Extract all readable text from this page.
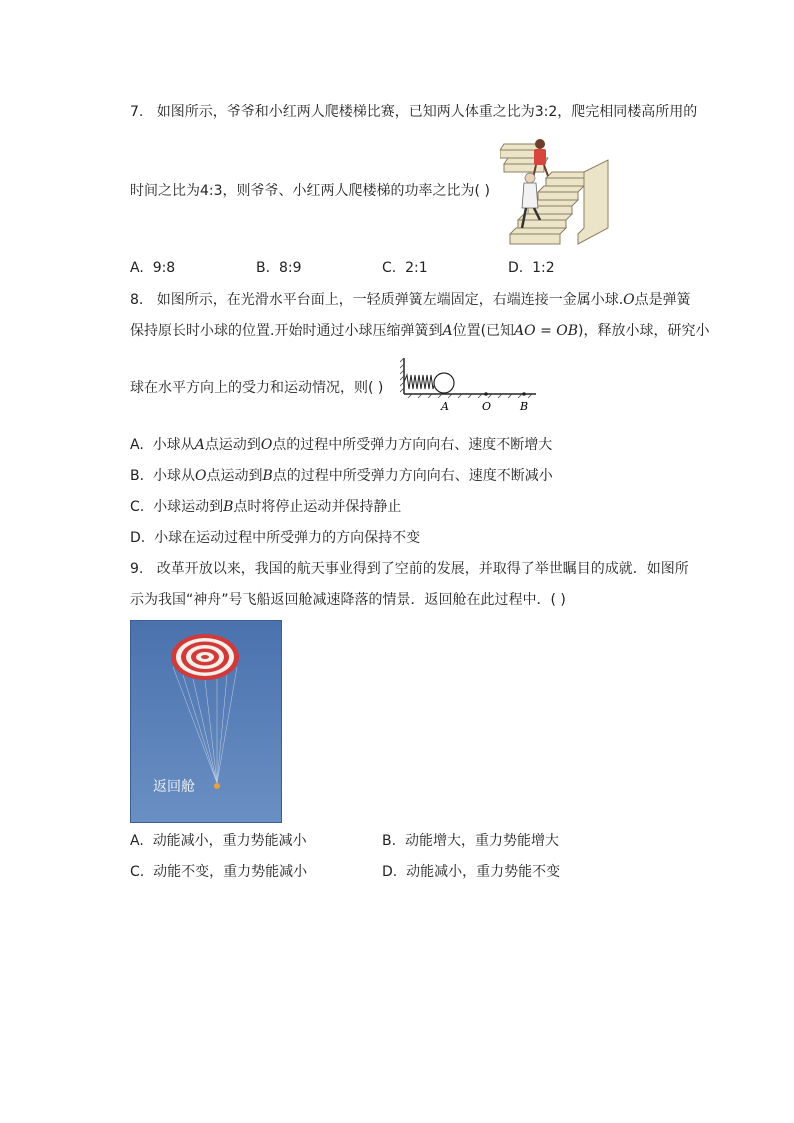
7. 如图所示，爷爷和小红两人爬楼梯比赛，已知两人体重之比为3:2，爬完相同楼高所用的
时间之比为4:3，则爷爷、小红两人爬楼梯的功率之比为( )
A. 9:8	B. 8:9	C. 2:1	D. 1:2
8. 如图所示，在光滑水平台面上，一轻质弹簧左端固定，右端连接一金属小球.O点是弹簧
保持原长时小球的位置.开始时通过小球压缩弹簧到A位置(已知AO = OB)，释放小球，研究小
球在水平方向上的受力和运动情况，则( )
A	O	B
A. 小球从A点运动到O点的过程中所受弹力方向向右、速度不断增大
B. 小球从O点运动到B点的过程中所受弹力方向向右、速度不断减小
C. 小球运动到B点时将停止运动并保持静止
D. 小球在运动过程中所受弹力的方向保持不变
9. 改革开放以来，我国的航天事业得到了空前的发展，并取得了举世瞩目的成就．如图所
示为我国“神舟”号飞船返回舱减速降落的情景．返回舱在此过程中．( )
返回舱
A. 动能减小，重力势能减小	B. 动能增大，重力势能增大
C. 动能不变，重力势能减小	D. 动能减小，重力势能不变
